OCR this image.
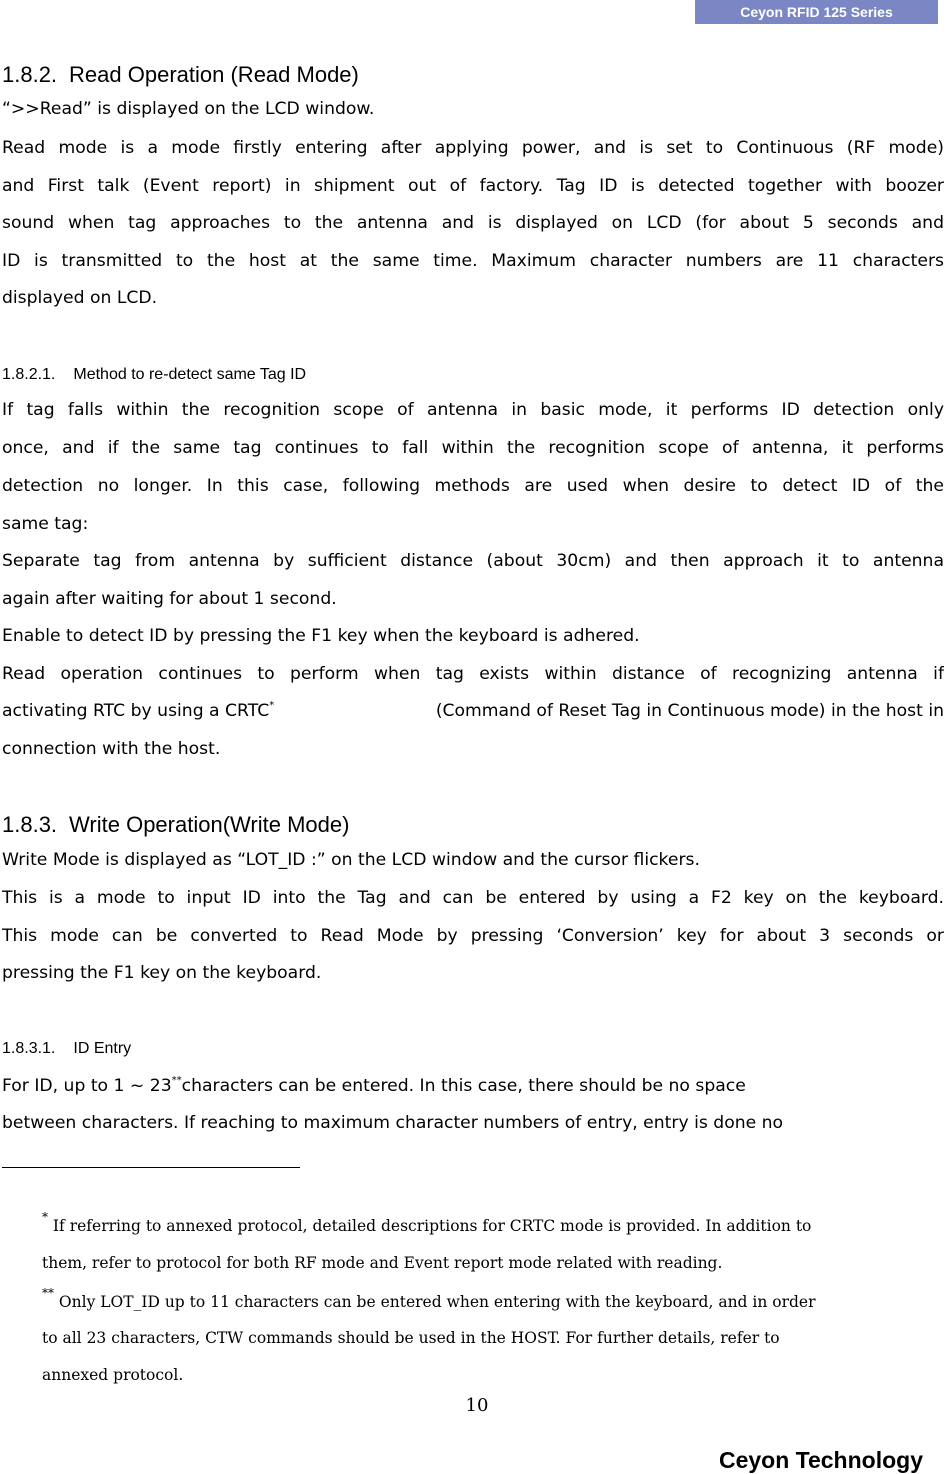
Ceyon RFID 125 Series
1.8.2. Read Operation (Read Mode)
“>>Read” is displayed on the LCD window.
Read mode is a mode firstly entering after applying power, and is set to Continuous (RF mode)
and First talk (Event report) in shipment out of factory. Tag ID is detected together with boozer
sound when tag approaches to the antenna and is displayed on LCD (for about 5 seconds and
ID is transmitted to the host at the same time. Maximum character numbers are 11 characters
displayed on LCD.
1.8.2.1. Method to re-detect same Tag ID
If tag falls within the recognition scope of antenna in basic mode, it performs ID detection only
once, and if the same tag continues to fall within the recognition scope of antenna, it performs
detection no longer. In this case, following methods are used when desire to detect ID of the
same tag:
Separate tag from antenna by sufficient distance (about 30cm) and then approach it to antenna
again after waiting for about 1 second.
Enable to detect ID by pressing the F1 key when the keyboard is adhered.
Read operation continues to perform when tag exists within distance of recognizing antenna if
activating RTC by using a CRTC*	(Command of Reset Tag in Continuous mode) in the host in
connection with the host.
1.8.3. Write Operation(Write Mode)
Write Mode is displayed as “LOT_ID :” on the LCD window and the cursor flickers.
This is a mode to input ID into the Tag and can be entered by using a F2 key on the keyboard.
This mode can be converted to Read Mode by pressing ‘Conversion’ key for about 3 seconds or
pressing the F1 key on the keyboard.
1.8.3.1. ID Entry
For ID, up to 1 ~ 23**characters can be entered. In this case, there should be no space
between characters. If reaching to maximum character numbers of entry, entry is done no
* If referring to annexed protocol, detailed descriptions for CRTC mode is provided. In addition to
them, refer to protocol for both RF mode and Event report mode related with reading.
** Only LOT_ID up to 11 characters can be entered when entering with the keyboard, and in order
to all 23 characters, CTW commands should be used in the HOST. For further details, refer to
annexed protocol.
10
Ceyon Technology
